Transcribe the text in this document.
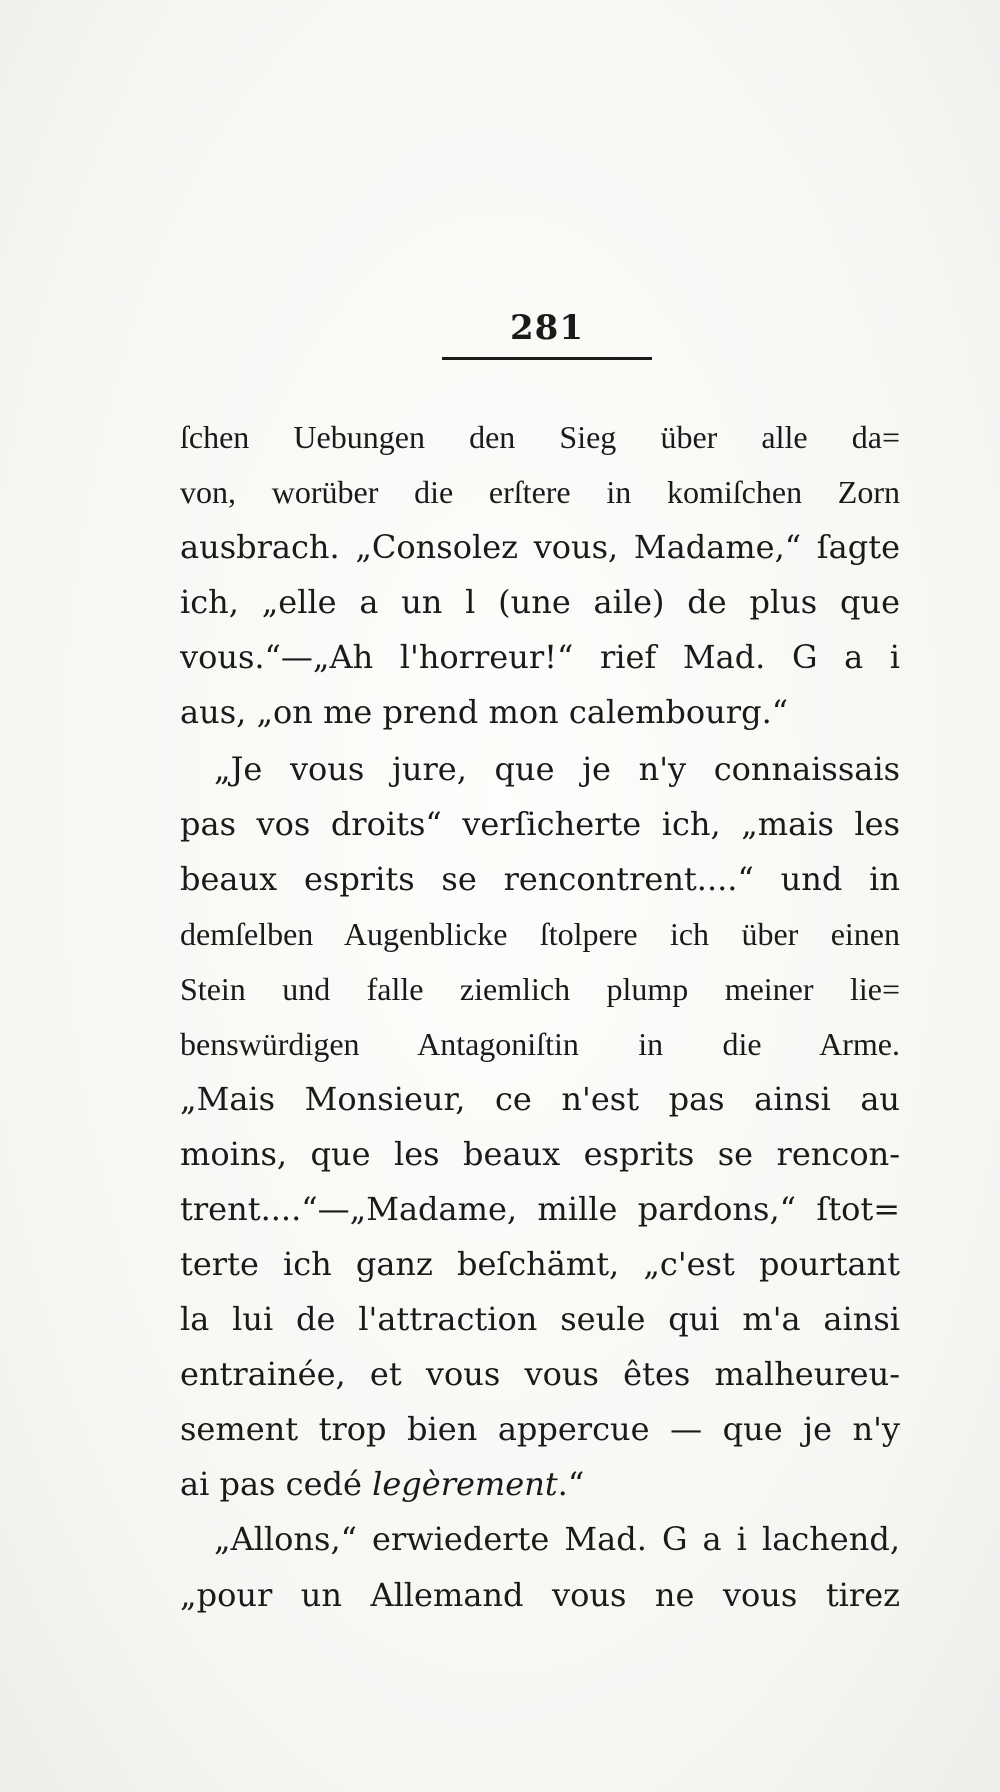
281
ſchen Uebungen den Sieg über alle da=
von, worüber die erſtere in komiſchen Zorn
ausbrach. „Consolez vous, Madame,“ ſagte
ich, „elle a un l (une aile) de plus que
vous.“—„Ah l'horreur!“ rief Mad. G a i
aus, „on me prend mon calembourg.“
„Je vous jure, que je n'y connaissais
pas vos droits“ verſicherte ich, „mais les
beaux esprits se rencontrent....“ und in
demſelben Augenblicke ſtolpere ich über einen
Stein und falle ziemlich plump meiner lie=
benswürdigen Antagoniſtin in die Arme.
„Mais Monsieur, ce n'est pas ainsi au
moins, que les beaux esprits se rencon-
trent....“—„Madame, mille pardons,“ ſtot=
terte ich ganz beſchämt, „c'est pourtant
la lui de l'attraction seule qui m'a ainsi
entrainée, et vous vous êtes malheureu-
sement trop bien appercue — que je n'y
ai pas cedé legèrement.“
„Allons,“ erwiederte Mad. G a i lachend,
„pour un Allemand vous ne vous tirez
